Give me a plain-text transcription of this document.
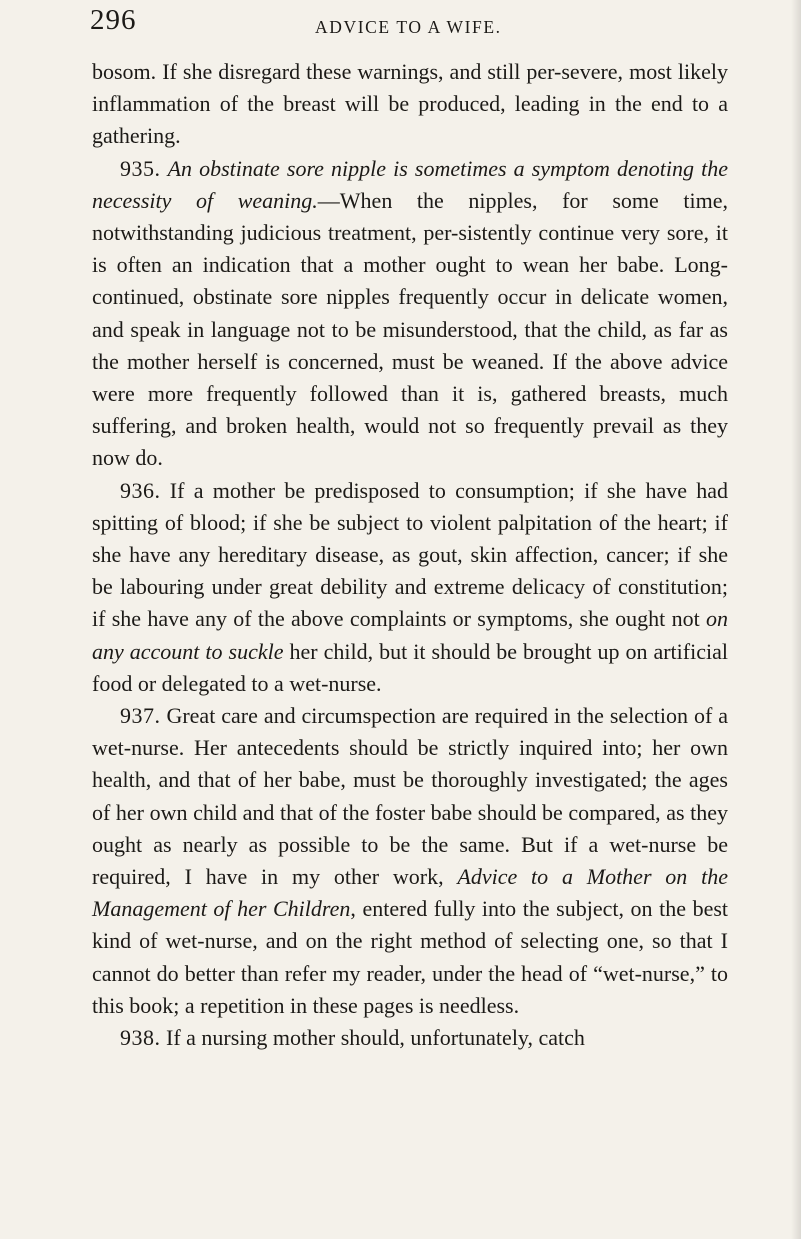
296	ADVICE TO A WIFE.

bosom. If she disregard these warnings, and still per-severe, most likely inflammation of the breast will be produced, leading in the end to a gathering.

935. An obstinate sore nipple is sometimes a symptom denoting the necessity of weaning.—When the nipples, for some time, notwithstanding judicious treatment, per-sistently continue very sore, it is often an indication that a mother ought to wean her babe. Long-continued, obstinate sore nipples frequently occur in delicate women, and speak in language not to be misunderstood, that the child, as far as the mother herself is concerned, must be weaned. If the above advice were more frequently followed than it is, gathered breasts, much suffering, and broken health, would not so frequently prevail as they now do.

936. If a mother be predisposed to consumption; if she have had spitting of blood; if she be subject to violent palpitation of the heart; if she have any hereditary disease, as gout, skin affection, cancer; if she be labouring under great debility and extreme delicacy of constitution; if she have any of the above complaints or symptoms, she ought not on any account to suckle her child, but it should be brought up on artificial food or delegated to a wet-nurse.

937. Great care and circumspection are required in the selection of a wet-nurse. Her antecedents should be strictly inquired into; her own health, and that of her babe, must be thoroughly investigated; the ages of her own child and that of the foster babe should be compared, as they ought as nearly as possible to be the same. But if a wet-nurse be required, I have in my other work, Advice to a Mother on the Management of her Children, entered fully into the subject, on the best kind of wet-nurse, and on the right method of selecting one, so that I cannot do better than refer my reader, under the head of “wet-nurse,” to this book; a repetition in these pages is needless.

938. If a nursing mother should, unfortunately, catch
